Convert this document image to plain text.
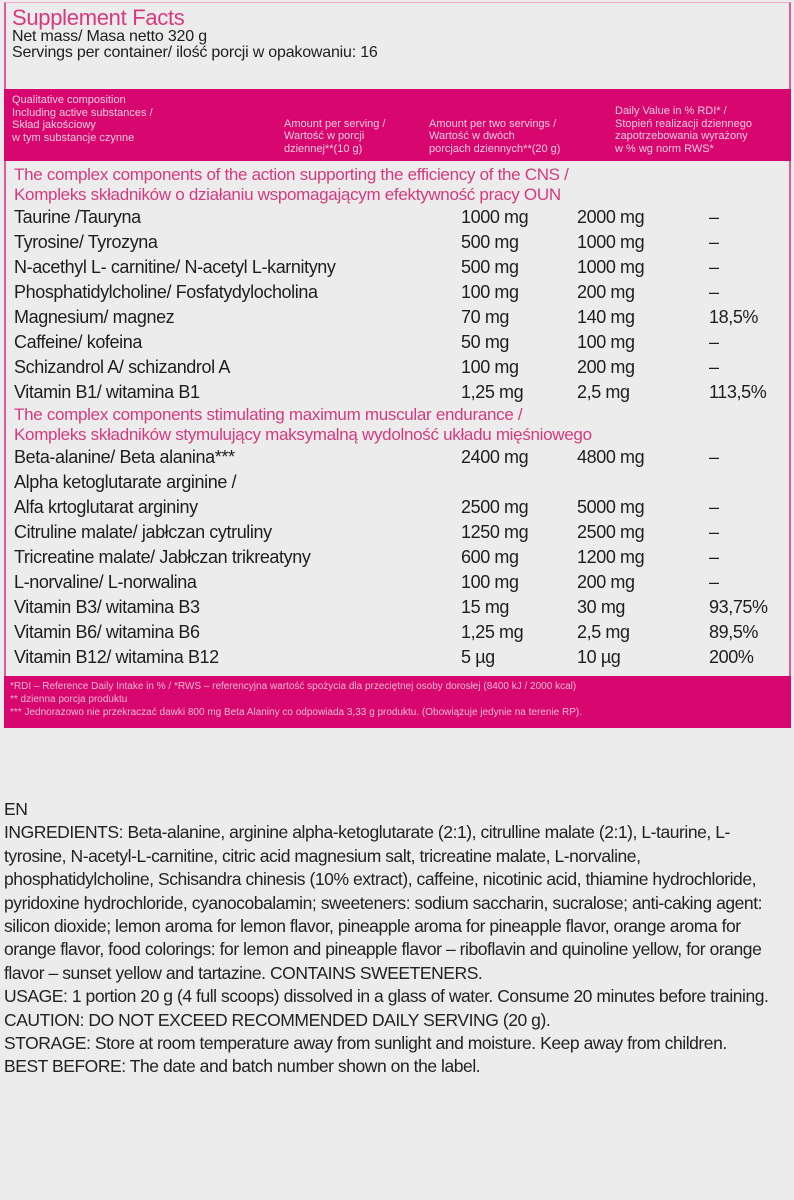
Supplement Facts
Net mass/ Masa netto 320 g
Servings per container/ ilość porcji w opakowaniu: 16
Qualitative composition
Including active substances /
Skład jakościowy
w tym substancje czynne
Amount per serving /
Wartość w porcji
dziennej**(10 g)
Amount per two servings /
Wartość w dwóch
porcjach dziennych**(20 g)
Daily Value in % RDI* /
Stopień realizacji dziennego
zapotrzebowania wyrażony
w % wg norm RWS*
The complex components of the action supporting the efficiency of the CNS /
Kompleks składników o działaniu wspomagającym efektywność pracy OUN
Taurine /Tauryna	1000 mg	2000 mg	–
Tyrosine/ Tyrozyna	500 mg	1000 mg	–
N-acethyl L- carnitine/ N-acetyl L-karnityny	500 mg	1000 mg	–
Phosphatidylcholine/ Fosfatydylocholina	100 mg	200 mg	–
Magnesium/ magnez	70 mg	140 mg	18,5%
Caffeine/ kofeina	50 mg	100 mg	–
Schizandrol A/ schizandrol A	100 mg	200 mg	–
Vitamin B1/ witamina B1	1,25 mg	2,5 mg	113,5%
The complex components stimulating maximum muscular endurance /
Kompleks składników stymulujący maksymalną wydolność układu mięśniowego
Beta-alanine/ Beta alanina***	2400 mg	4800 mg	–
Alpha ketoglutarate arginine /
Alfa krtoglutarat argininy	2500 mg	5000 mg	–
Citruline malate/ jabłczan cytruliny	1250 mg	2500 mg	–
Tricreatine malate/ Jabłczan trikreatyny	600 mg	1200 mg	–
L-norvaline/ L-norwalina	100 mg	200 mg	–
Vitamin B3/ witamina B3	15 mg	30 mg	93,75%
Vitamin B6/ witamina B6	1,25 mg	2,5 mg	89,5%
Vitamin B12/ witamina B12	5 µg	10 µg	200%
*RDI – Reference Daily Intake in % / *RWS – referencyjna wartość spożycia dla przeciętnej osoby dorosłej (8400 kJ / 2000 kcal)
** dzienna porcja produktu
*** Jednorazowo nie przekraczać dawki 800 mg Beta Alaniny co odpowiada 3,33 g produktu. (Obowiązuje jedynie na terenie RP).

EN

INGREDIENTS: Beta-alanine, arginine alpha-ketoglutarate (2:1), citrulline malate (2:1), L-taurine, L-tyrosine, N-acetyl-L-carnitine, citric acid magnesium salt, tricreatine malate, L-norvaline, phosphatidylcholine, Schisandra chinesis (10% extract), caffeine, nicotinic acid, thiamine hydrochloride, pyridoxine hydrochloride, cyanocobalamin; sweeteners: sodium saccharin, sucralose; anti-caking agent: silicon dioxide; lemon aroma for lemon flavor, pineapple aroma for pineapple flavor, orange aroma for orange flavor, food colorings: for lemon and pineapple flavor – riboflavin and quinoline yellow, for orange flavor – sunset yellow and tartazine. CONTAINS SWEETENERS.

USAGE: 1 portion 20 g (4 full scoops) dissolved in a glass of water. Consume 20 minutes before training.

CAUTION: DO NOT EXCEED RECOMMENDED DAILY SERVING (20 g).

STORAGE: Store at room temperature away from sunlight and moisture. Keep away from children.

BEST BEFORE: The date and batch number shown on the label.
